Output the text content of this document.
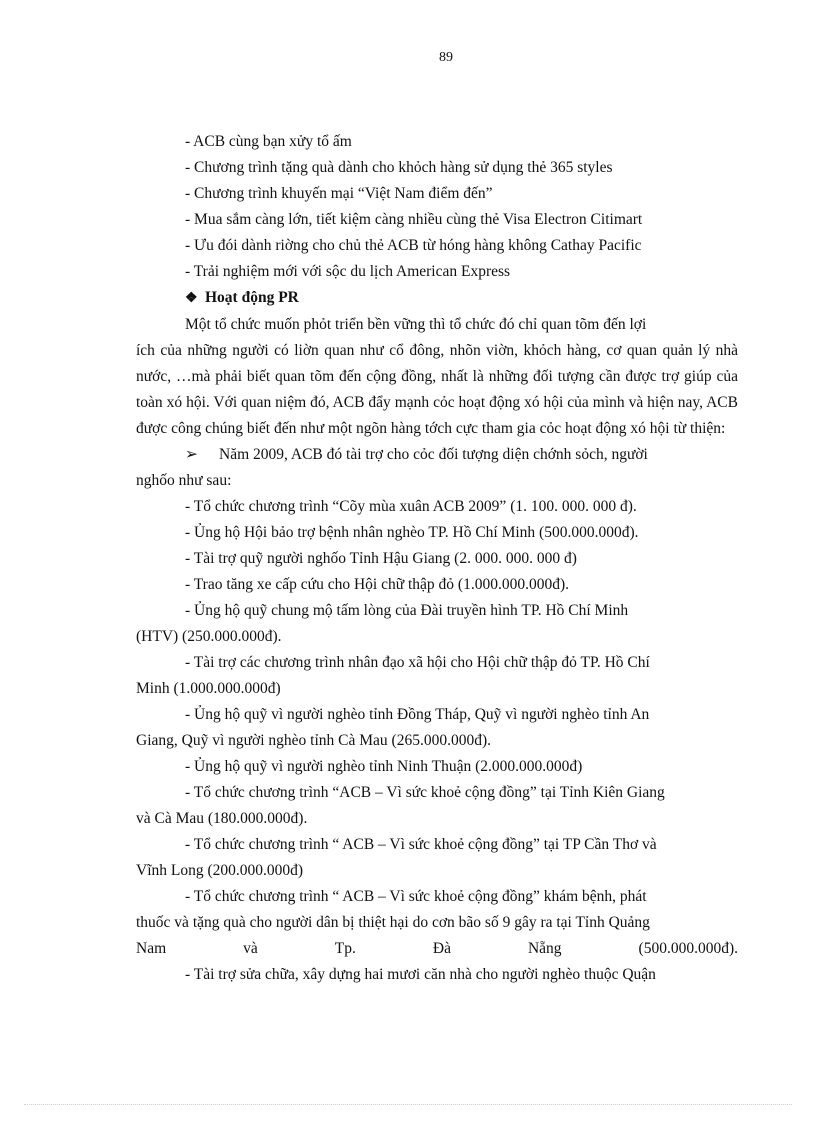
89
- ACB cùng bạn xửy tổ ấm
- Chương trình tặng quà dành cho khỏch hàng sử dụng thẻ 365 styles
- Chương trình khuyến mại “Việt Nam điểm đến”
- Mua sắm càng lớn, tiết kiệm càng nhiều cùng thẻ Visa Electron Citimart
- Ưu đói dành riờng cho chủ thẻ ACB từ hóng hàng không Cathay Pacific
- Trải nghiệm mới với sộc du lịch American Express
❖ Hoạt động PR
Một tổ chức muốn phỏt triển bền vững thì tổ chức đó chỉ quan tõm đến lợi
ích của những người có liờn quan như cổ đông, nhõn viờn, khỏch hàng, cơ quan quản lý nhà nước, …mà phải biết quan tõm đến cộng đồng, nhất là những đối tượng cần được trợ giúp của toàn xó hội. Với quan niệm đó, ACB đẩy mạnh cỏc hoạt động xó hội của mình và hiện nay, ACB được công chúng biết đến như một ngõn hàng tớch cực tham gia cỏc hoạt động xó hội từ thiện:
➢ Năm 2009, ACB đó tài trợ cho cỏc đối tượng diện chớnh sỏch, người
nghốo như sau:
- Tổ chức chương trình “Cõy mùa xuân ACB 2009” (1. 100. 000. 000 đ).
- Ủng hộ Hội bảo trợ bệnh nhân nghèo TP. Hồ Chí Minh (500.000.000đ).
- Tài trợ quỹ người nghốo Tỉnh Hậu Giang (2. 000. 000. 000 đ)
- Trao tăng xe cấp cứu cho Hội chữ thập đỏ (1.000.000.000đ).
- Ủng hộ quỹ chung mộ tấm lòng của Đài truyền hình TP. Hồ Chí Minh
(HTV) (250.000.000đ).
- Tài trợ các chương trình nhân đạo xã hội cho Hội chữ thập đỏ TP. Hồ Chí
Minh (1.000.000.000đ)
- Ủng hộ quỹ vì người nghèo tỉnh Đồng Tháp, Quỹ vì người nghèo tỉnh An
Giang, Quỹ vì người nghèo tỉnh Cà Mau (265.000.000đ).
- Ủng hộ quỹ vì người nghèo tỉnh Ninh Thuận (2.000.000.000đ)
- Tổ chức chương trình “ACB – Vì sức khoẻ cộng đồng” tại Tỉnh Kiên Giang
và Cà Mau (180.000.000đ).
- Tổ chức chương trình “ ACB – Vì sức khoẻ cộng đồng” tại TP Cần Thơ và
Vĩnh Long (200.000.000đ)
- Tổ chức chương trình “ ACB – Vì sức khoẻ cộng đồng” khám bệnh, phát
thuốc và tặng quà cho người dân bị thiệt hại do cơn bão số 9 gây ra tại Tỉnh Quảng
Nam	và	Tp.	Đà	Nẵng	(500.000.000đ).
- Tài trợ sửa chữa, xây dựng hai mươi căn nhà cho người nghèo thuộc Quận
